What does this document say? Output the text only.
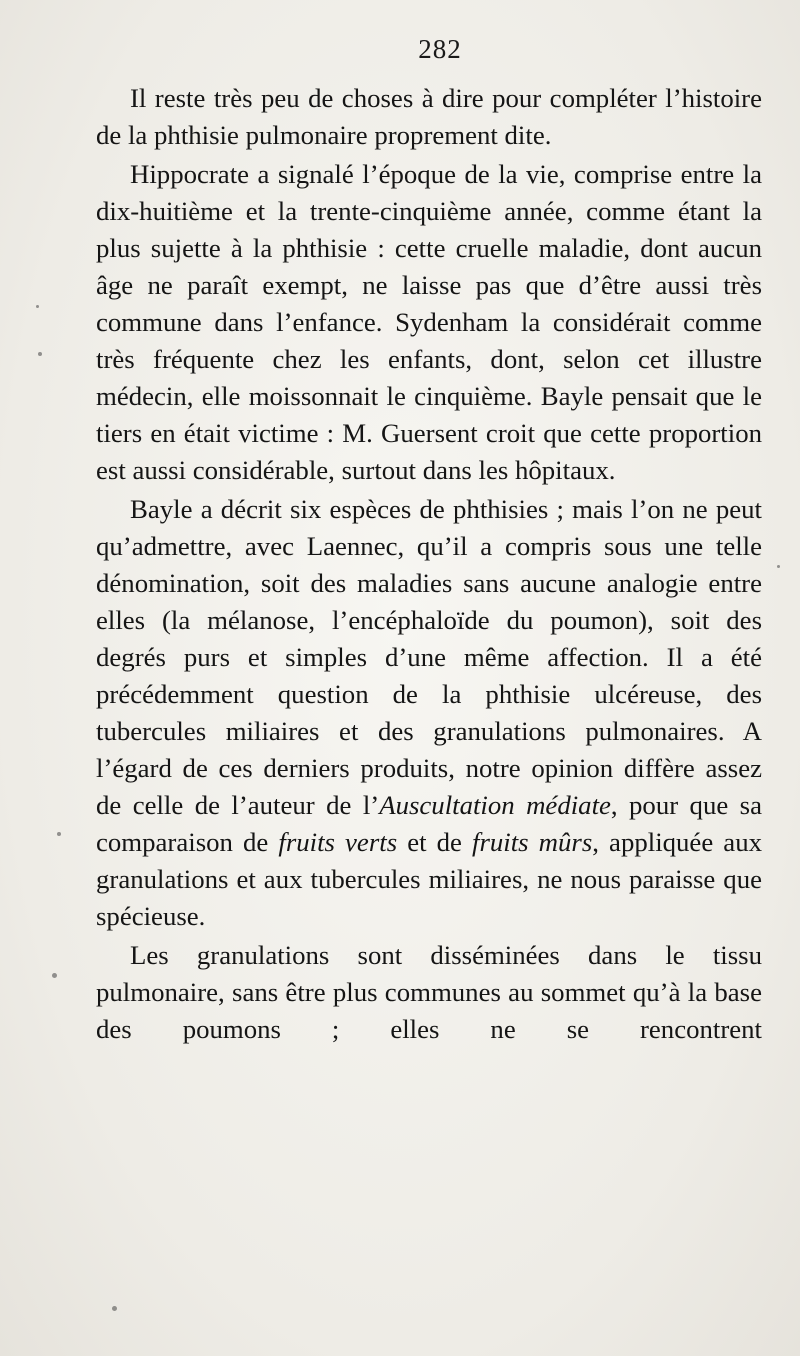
282

Il reste très peu de choses à dire pour compléter l’histoire de la phthisie pulmonaire proprement dite.

Hippocrate a signalé l’époque de la vie, comprise entre la dix-huitième et la trente-cinquième année, comme étant la plus sujette à la phthisie : cette cruelle maladie, dont aucun âge ne paraît exempt, ne laisse pas que d’être aussi très commune dans l’enfance. Sydenham la considérait comme très fréquente chez les enfants, dont, selon cet illustre médecin, elle moissonnait le cinquième. Bayle pensait que le tiers en était victime : M. Guersent croit que cette proportion est aussi considérable, surtout dans les hôpitaux.

Bayle a décrit six espèces de phthisies ; mais l’on ne peut qu’admettre, avec Laennec, qu’il a compris sous une telle dénomination, soit des maladies sans aucune analogie entre elles (la mélanose, l’encéphaloïde du poumon), soit des degrés purs et simples d’une même affection. Il a été précédemment question de la phthisie ulcéreuse, des tubercules miliaires et des granulations pulmonaires. A l’égard de ces derniers produits, notre opinion diffère assez de celle de l’auteur de l’Auscultation médiate, pour que sa comparaison de fruits verts et de fruits mûrs, appliquée aux granulations et aux tubercules miliaires, ne nous paraisse que spécieuse.

Les granulations sont disséminées dans le tissu pulmonaire, sans être plus communes au sommet qu’à la base des poumons ; elles ne se rencontrent
